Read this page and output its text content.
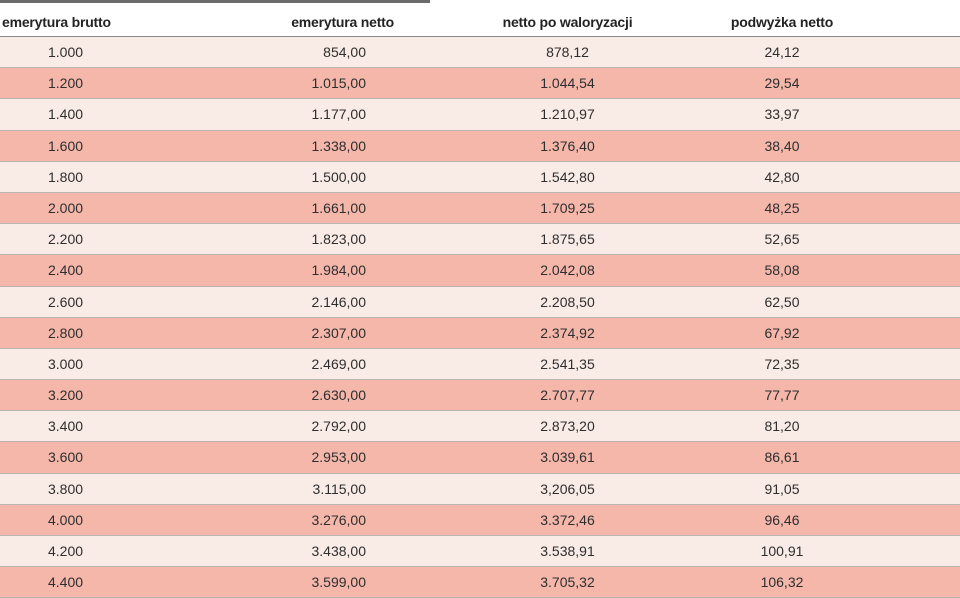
emerytura brutto	emerytura netto	netto po waloryzacji	podwyżka netto
1.000	854,00	878,12	24,12
1.200	1.015,00	1.044,54	29,54
1.400	1.177,00	1.210,97	33,97
1.600	1.338,00	1.376,40	38,40
1.800	1.500,00	1.542,80	42,80
2.000	1.661,00	1.709,25	48,25
2.200	1.823,00	1.875,65	52,65
2.400	1.984,00	2.042,08	58,08
2.600	2.146,00	2.208,50	62,50
2.800	2.307,00	2.374,92	67,92
3.000	2.469,00	2.541,35	72,35
3.200	2.630,00	2.707,77	77,77
3.400	2.792,00	2.873,20	81,20
3.600	2.953,00	3.039,61	86,61
3.800	3.115,00	3,206,05	91,05
4.000	3.276,00	3.372,46	96,46
4.200	3.438,00	3.538,91	100,91
4.400	3.599,00	3.705,32	106,32
